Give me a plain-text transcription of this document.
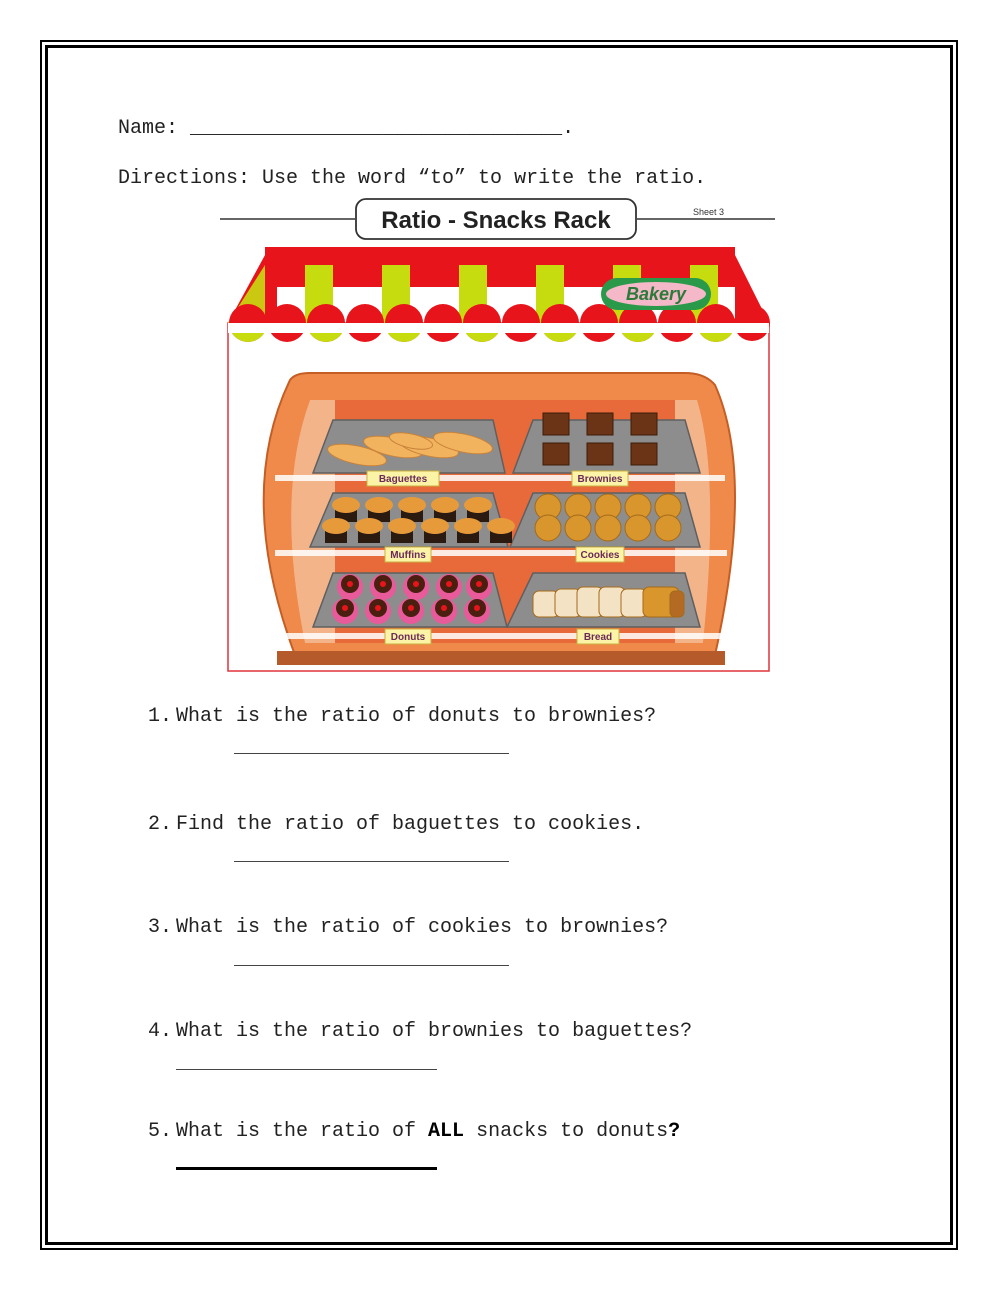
Name: _______________________________.
Directions: Use the word “to” to write the ratio.
Ratio - Snacks Rack	Sheet 3
Bakery
Baguettes	Brownies
Muffins	Cookies
Donuts	Bread
1. What is the ratio of donuts to brownies?
2. Find the ratio of baguettes to cookies.
3. What is the ratio of cookies to brownies?
4. What is the ratio of brownies to baguettes?
5. What is the ratio of ALL snacks to donuts?
